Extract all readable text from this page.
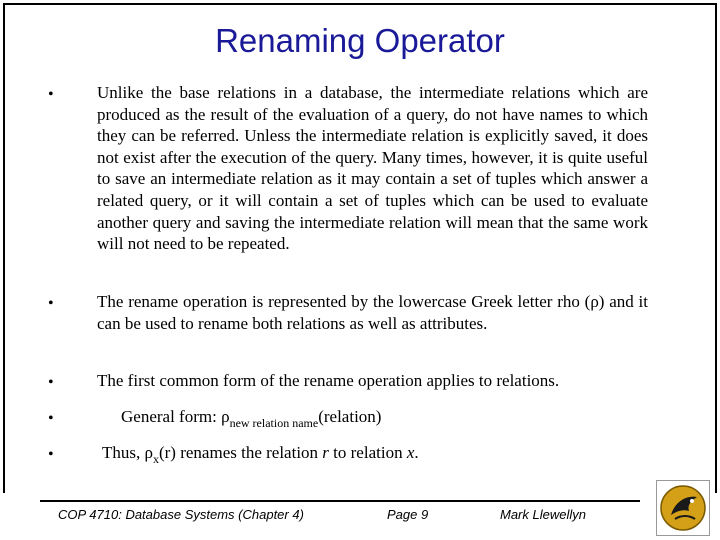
Renaming Operator
•	Unlike the base relations in a database, the intermediate relations which are produced as the result of the evaluation of a query, do not have names to which they can be referred. Unless the intermediate relation is explicitly saved, it does not exist after the execution of the query. Many times, however, it is quite useful to save an intermediate relation as it may contain a set of tuples which answer a related query, or it will contain a set of tuples which can be used to evaluate another query and saving the intermediate relation will mean that the same work will not need to be repeated.
•	The rename operation is represented by the lowercase Greek letter rho (ρ) and it can be used to rename both relations as well as attributes.
•	The first common form of the rename operation applies to relations.
•	General form: $\rho_{new relation name}(relation)$
•	Thus, $\rho_x(r)$ renames the relation r to relation x.
COP 4710: Database Systems (Chapter 4)	Page 9	Mark Llewellyn
